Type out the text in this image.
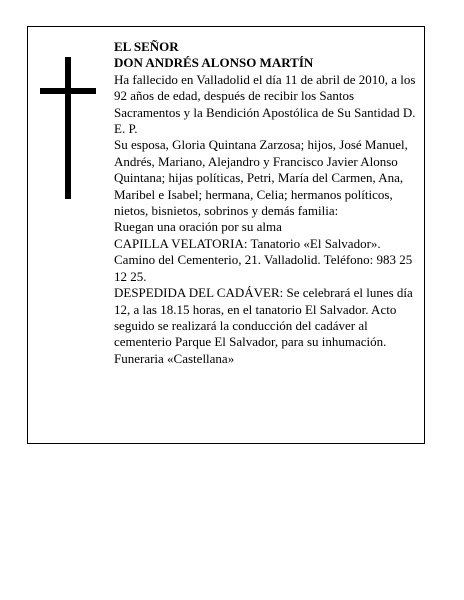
EL SEÑOR

DON ANDRÉS ALONSO MARTÍN

Ha fallecido en Valladolid el día 11 de abril de 2010, a los 92 años de edad, después de recibir los Santos Sacramentos y la Bendición Apostólica de Su Santidad D. E. P.

Su esposa, Gloria Quintana Zarzosa; hijos, José Manuel, Andrés, Mariano, Alejandro y Francisco Javier Alonso Quintana; hijas políticas, Petri, María del Carmen, Ana, Maribel e Isabel; hermana, Celia; hermanos políticos, nietos, bisnietos, sobrinos y demás familia:

Ruegan una oración por su alma

CAPILLA VELATORIA: Tanatorio «El Salvador». Camino del Cementerio, 21. Valladolid. Teléfono: 983 25 12 25.

DESPEDIDA DEL CADÁVER: Se celebrará el lunes día 12, a las 18.15 horas, en el tanatorio El Salvador. Acto seguido se realizará la conducción del cadáver al cementerio Parque El Salvador, para su inhumación.

Funeraria «Castellana»
